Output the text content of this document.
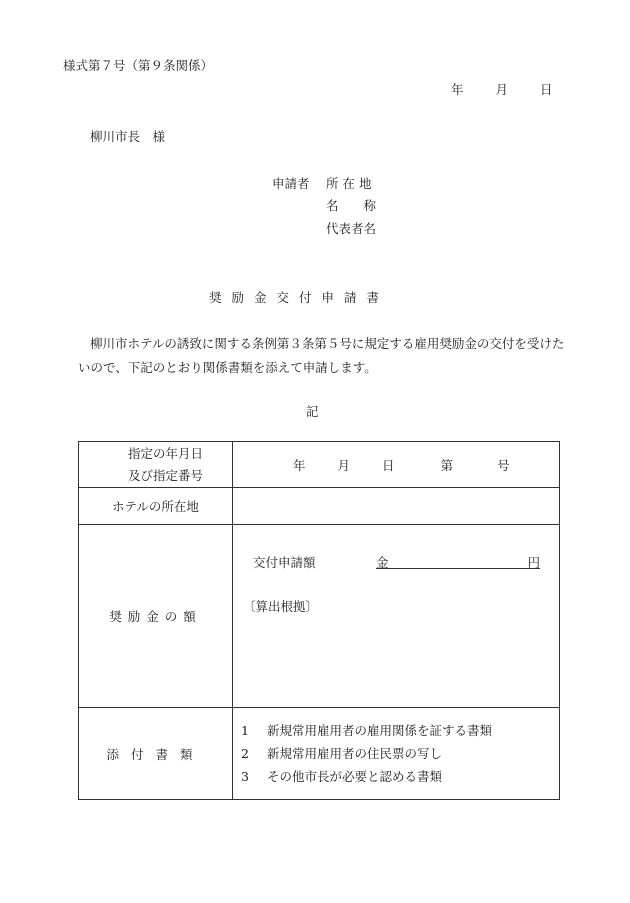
様式第７号（第９条関係）
年	月	日
柳川市長　様
申請者 所 在 地
名　　称
代表者名
奨励金交付申請書
柳川市ホテルの誘致に関する条例第３条第５号に規定する雇用奨励金の交付を受けたいので、下記のとおり関係書類を添えて申請します。
記
指定の年月日
及び指定番号	年 月 日 第 号
ホテルの所在地	
奨励金の額	交付申請額 金 円

〔算出根拠〕

添付書類	1 新規常用雇用者の雇用関係を証する書類
2 新規常用雇用者の住民票の写し
3 その他市長が必要と認める書類
